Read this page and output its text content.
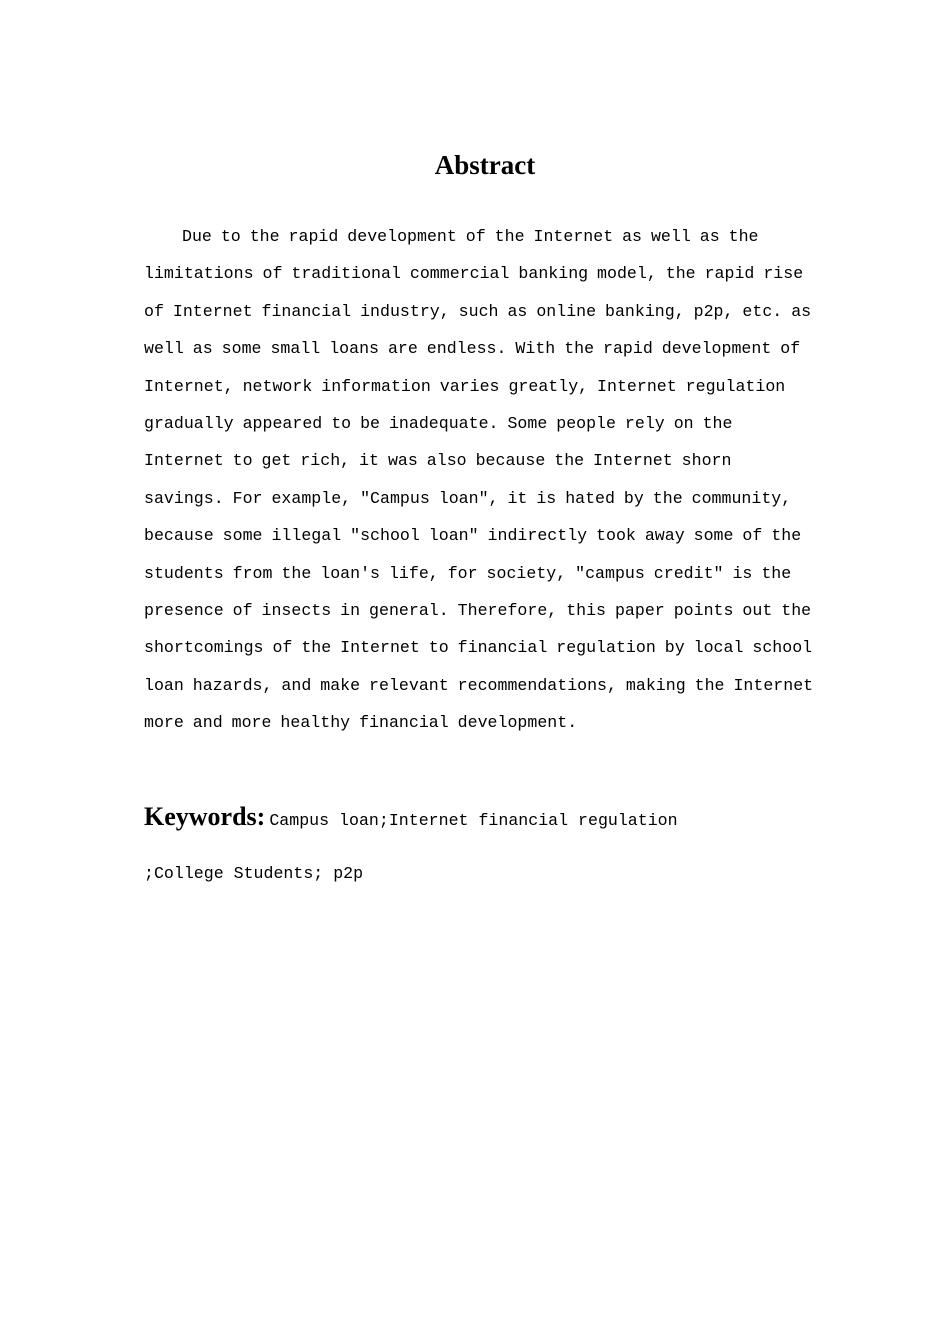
Abstract

Due to the rapid development of the Internet as well as the limitations of traditional commercial banking model, the rapid rise of Internet financial industry, such as online banking, p2p, etc. as well as some small loans are endless. With the rapid development of Internet, network information varies greatly, Internet regulation gradually appeared to be inadequate. Some people rely on the Internet to get rich, it was also because the Internet shorn savings. For example, "Campus loan", it is hated by the community, because some illegal "school loan" indirectly took away some of the students from the loan's life, for society, "campus credit" is the presence of insects in general. Therefore, this paper points out the shortcomings of the Internet to financial regulation by local school loan hazards, and make relevant recommendations, making the Internet more and more healthy financial development.

Keywords: Campus loan;Internet financial regulation
;College Students; p2p
